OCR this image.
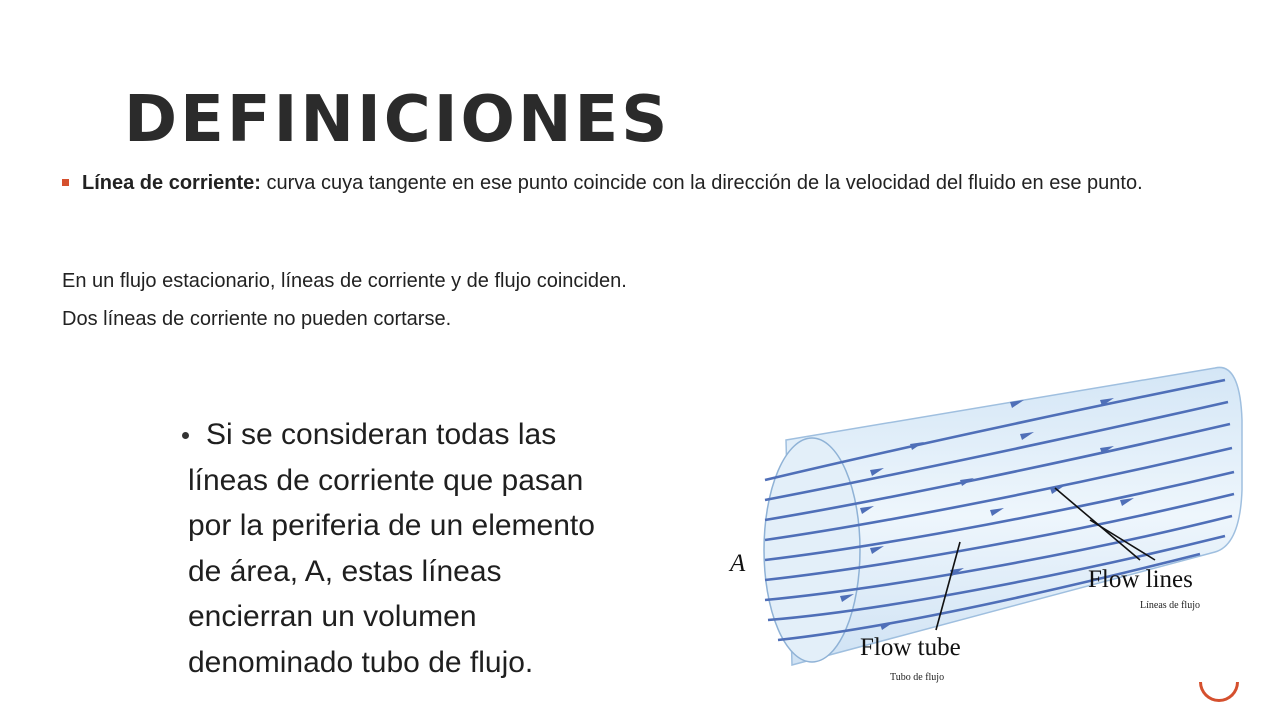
DEFINICIONES
Línea de corriente: curva cuya tangente en ese punto coincide con la dirección de la velocidad del fluido en ese punto.
En un flujo estacionario, líneas de corriente y de flujo coinciden.
Dos líneas de corriente no pueden cortarse.
Si se consideran todas las
líneas de corriente que pasan
por la periferia de un elemento
de área, A, estas líneas
encierran un volumen
denominado tubo de flujo.
A
Flow lines
Líneas de flujo
Flow tube
Tubo de flujo
